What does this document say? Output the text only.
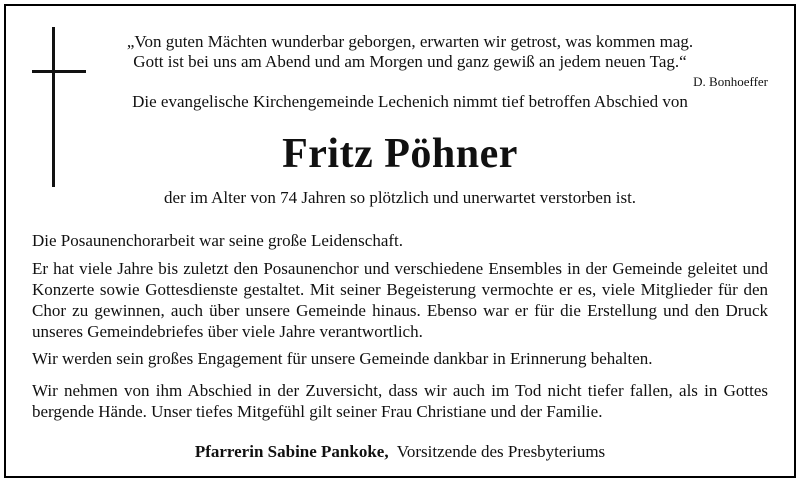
„Von guten Mächten wunderbar geborgen, erwarten wir getrost, was kommen mag.
Gott ist bei uns am Abend und am Morgen und ganz gewiß an jedem neuen Tag.“
D. Bonhoeffer
Die evangelische Kirchengemeinde Lechenich nimmt tief betroffen Abschied von
Fritz Pöhner
der im Alter von 74 Jahren so plötzlich und unerwartet verstorben ist.
Die Posaunenchorarbeit war seine große Leidenschaft.
Er hat viele Jahre bis zuletzt den Posaunenchor und verschiedene Ensembles in der Gemeinde geleitet und Konzerte sowie Gottesdienste gestaltet. Mit seiner Begeisterung vermochte er es, viele Mitglieder für den Chor zu gewinnen, auch über unsere Gemeinde hinaus. Ebenso war er für die Erstellung und den Druck unseres Gemeindebriefes über viele Jahre verantwortlich.
Wir werden sein großes Engagement für unsere Gemeinde dankbar in Erinnerung behalten.
Wir nehmen von ihm Abschied in der Zuversicht, dass wir auch im Tod nicht tiefer fallen, als in Gottes bergende Hände. Unser tiefes Mitgefühl gilt seiner Frau Christiane und der Familie.
Pfarrerin Sabine Pankoke, Vorsitzende des Presbyteriums
